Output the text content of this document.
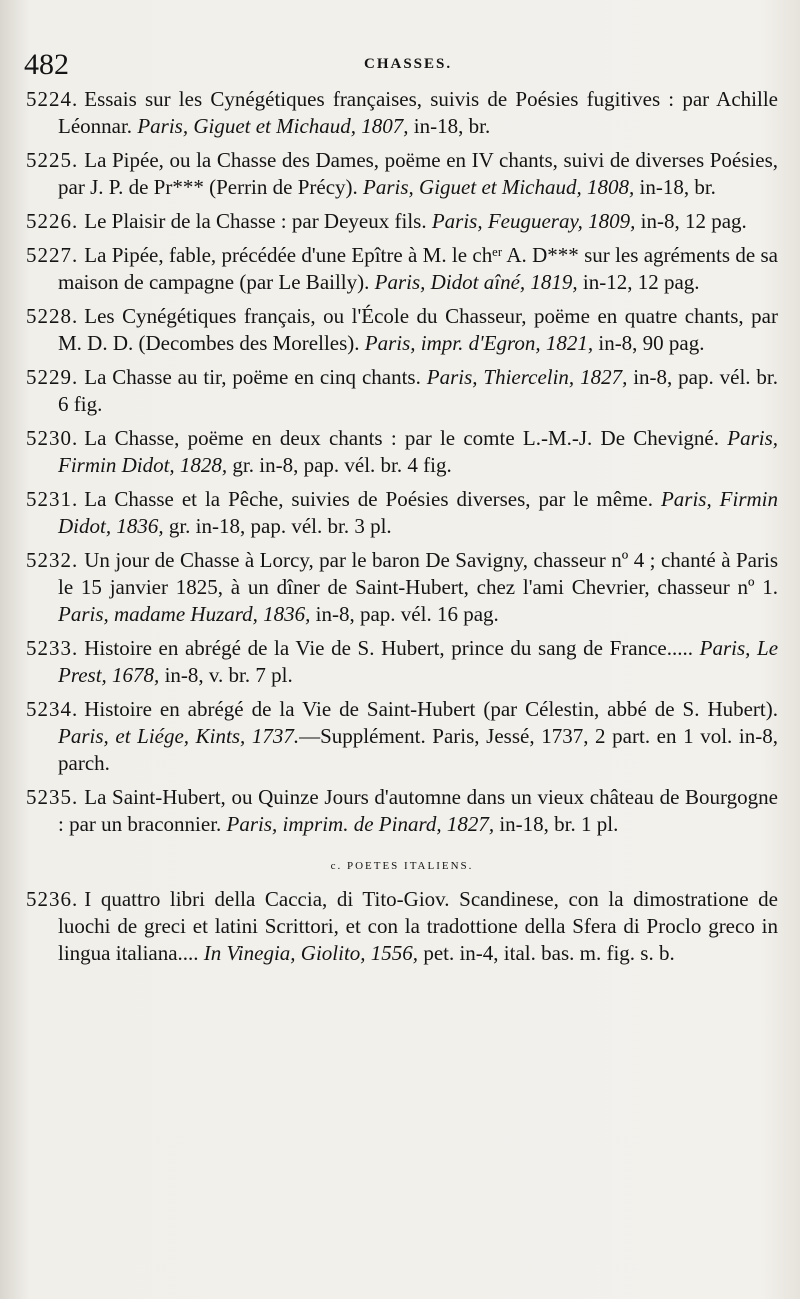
482	CHASSES.
5224. Essais sur les Cynégétiques françaises, suivis de Poésies fugitives : par Achille Léonnar. Paris, Giguet et Michaud, 1807, in-18, br.
5225. La Pipée, ou la Chasse des Dames, poëme en IV chants, suivi de diverses Poésies, par J. P. de Pr*** (Perrin de Précy). Paris, Giguet et Michaud, 1808, in-18, br.
5226. Le Plaisir de la Chasse : par Deyeux fils. Paris, Feugueray, 1809, in-8, 12 pag.
5227. La Pipée, fable, précédée d'une Epître à M. le chᵉʳ A. D*** sur les agréments de sa maison de campagne (par Le Bailly). Paris, Didot aîné, 1819, in-12, 12 pag.
5228. Les Cynégétiques français, ou l'École du Chasseur, poëme en quatre chants, par M. D. D. (Decombes des Morelles). Paris, impr. d'Egron, 1821, in-8, 90 pag.
5229. La Chasse au tir, poëme en cinq chants. Paris, Thiercelin, 1827, in-8, pap. vél. br. 6 fig.
5230. La Chasse, poëme en deux chants : par le comte L.-M.-J. De Chevigné. Paris, Firmin Didot, 1828, gr. in-8, pap. vél. br. 4 fig.
5231. La Chasse et la Pêche, suivies de Poésies diverses, par le même. Paris, Firmin Didot, 1836, gr. in-18, pap. vél. br. 3 pl.
5232. Un jour de Chasse à Lorcy, par le baron De Savigny, chasseur nº 4 ; chanté à Paris le 15 janvier 1825, à un dîner de Saint-Hubert, chez l'ami Chevrier, chasseur nº 1. Paris, madame Huzard, 1836, in-8, pap. vél. 16 pag.
5233. Histoire en abrégé de la Vie de S. Hubert, prince du sang de France..... Paris, Le Prest, 1678, in-8, v. br. 7 pl.
5234. Histoire en abrégé de la Vie de Saint-Hubert (par Célestin, abbé de S. Hubert). Paris, et Liége, Kints, 1737.—Supplément. Paris, Jessé, 1737, 2 part. en 1 vol. in-8, parch.
5235. La Saint-Hubert, ou Quinze Jours d'automne dans un vieux château de Bourgogne : par un braconnier. Paris, imprim. de Pinard, 1827, in-18, br. 1 pl.
c. POETES ITALIENS.
5236. I quattro libri della Caccia, di Tito-Giov. Scandinese, con la dimostratione de luochi de greci et latini Scrittori, et con la tradottione della Sfera di Proclo greco in lingua italiana.... In Vinegia, Giolito, 1556, pet. in-4, ital. bas. m. fig. s. b.
